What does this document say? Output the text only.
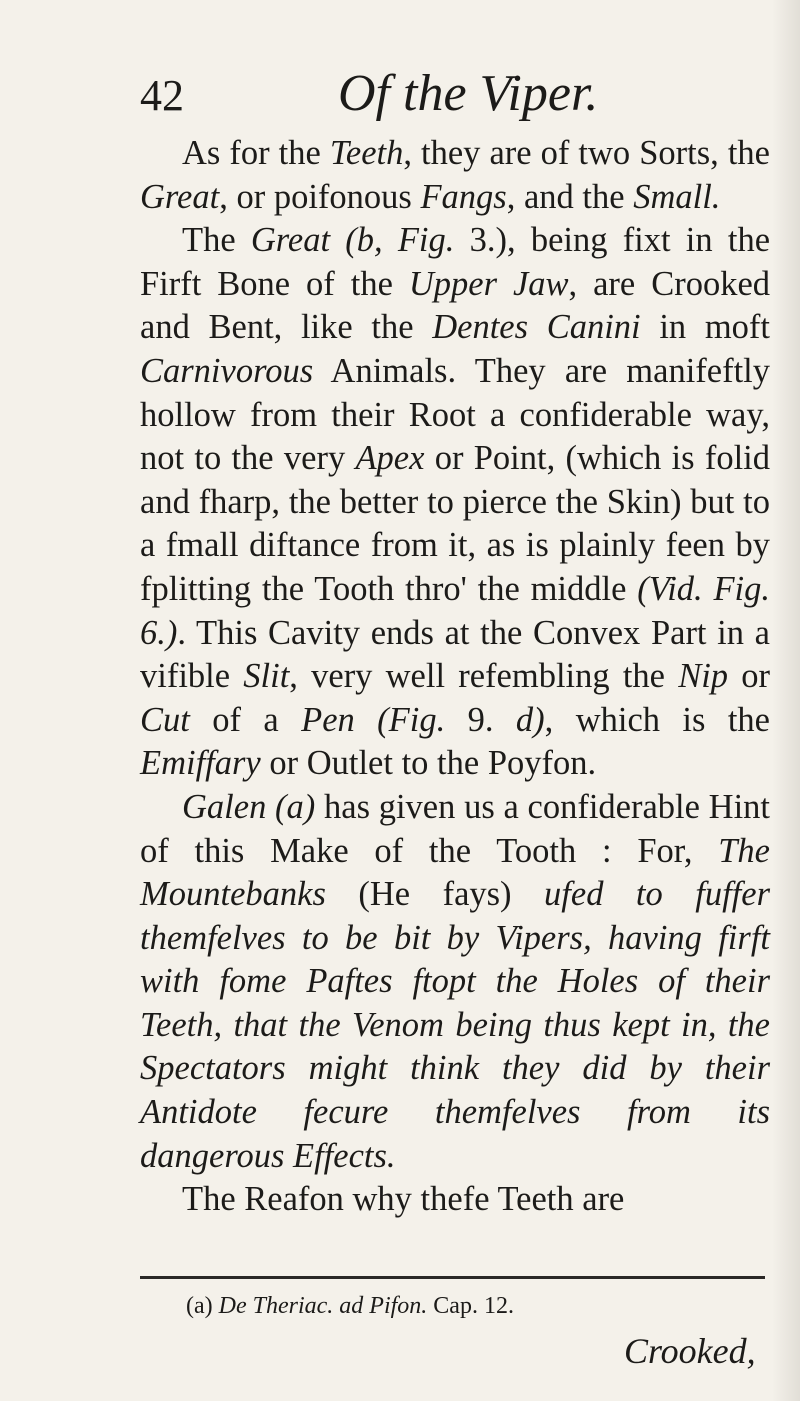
42	Of the Viper.

As for the Teeth, they are of two Sorts, the Great, or poifonous Fangs, and the Small.

The Great (b, Fig. 3.), being fixt in the Firft Bone of the Upper Jaw, are Crooked and Bent, like the Dentes Canini in moft Carnivorous Animals. They are manifeftly hollow from their Root a confiderable way, not to the very Apex or Point, (which is folid and fharp, the better to pierce the Skin) but to a fmall diftance from it, as is plainly feen by fplitting the Tooth thro' the middle (Vid. Fig. 6.). This Cavity ends at the Convex Part in a vifible Slit, very well refembling the Nip or Cut of a Pen (Fig. 9. d), which is the Emiffary or Outlet to the Poyfon.

Galen (a) has given us a confiderable Hint of this Make of the Tooth : For, The Mountebanks (He fays) ufed to fuffer themfelves to be bit by Vipers, having firft with fome Paftes ftopt the Holes of their Teeth, that the Venom being thus kept in, the Spectators might think they did by their Antidote fecure themfelves from its dangerous Effects.

The Reafon why thefe Teeth are

(a) De Theriac. ad Pifon. Cap. 12.
Crooked,
